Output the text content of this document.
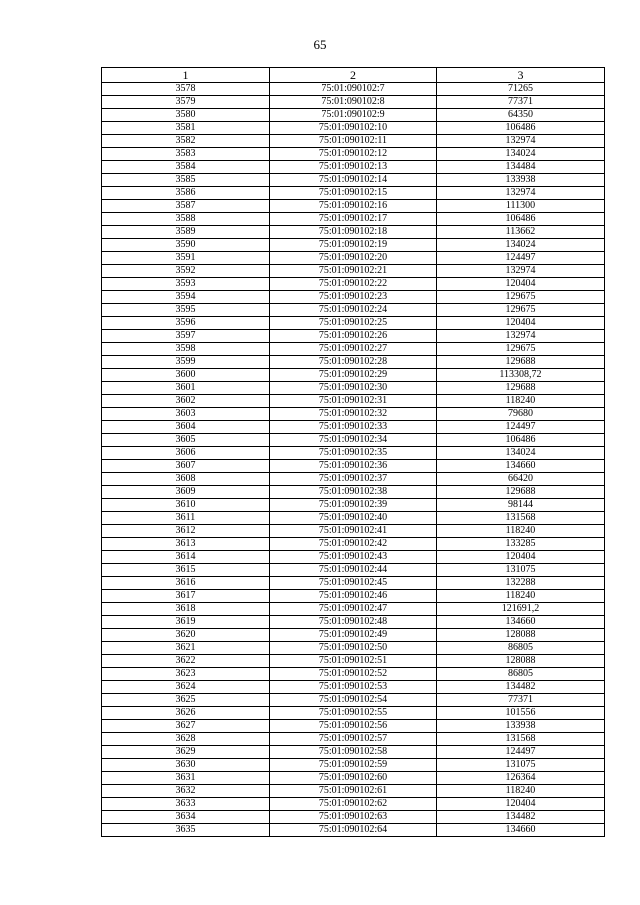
65
1	2	3
3578	75:01:090102:7	71265
3579	75:01:090102:8	77371
3580	75:01:090102:9	64350
3581	75:01:090102:10	106486
3582	75:01:090102:11	132974
3583	75:01:090102:12	134024
3584	75:01:090102:13	134484
3585	75:01:090102:14	133938
3586	75:01:090102:15	132974
3587	75:01:090102:16	111300
3588	75:01:090102:17	106486
3589	75:01:090102:18	113662
3590	75:01:090102:19	134024
3591	75:01:090102:20	124497
3592	75:01:090102:21	132974
3593	75:01:090102:22	120404
3594	75:01:090102:23	129675
3595	75:01:090102:24	129675
3596	75:01:090102:25	120404
3597	75:01:090102:26	132974
3598	75:01:090102:27	129675
3599	75:01:090102:28	129688
3600	75:01:090102:29	113308,72
3601	75:01:090102:30	129688
3602	75:01:090102:31	118240
3603	75:01:090102:32	79680
3604	75:01:090102:33	124497
3605	75:01:090102:34	106486
3606	75:01:090102:35	134024
3607	75:01:090102:36	134660
3608	75:01:090102:37	66420
3609	75:01:090102:38	129688
3610	75:01:090102:39	98144
3611	75:01:090102:40	131568
3612	75:01:090102:41	118240
3613	75:01:090102:42	133285
3614	75:01:090102:43	120404
3615	75:01:090102:44	131075
3616	75:01:090102:45	132288
3617	75:01:090102:46	118240
3618	75:01:090102:47	121691,2
3619	75:01:090102:48	134660
3620	75:01:090102:49	128088
3621	75:01:090102:50	86805
3622	75:01:090102:51	128088
3623	75:01:090102:52	86805
3624	75:01:090102:53	134482
3625	75:01:090102:54	77371
3626	75:01:090102:55	101556
3627	75:01:090102:56	133938
3628	75:01:090102:57	131568
3629	75:01:090102:58	124497
3630	75:01:090102:59	131075
3631	75:01:090102:60	126364
3632	75:01:090102:61	118240
3633	75:01:090102:62	120404
3634	75:01:090102:63	134482
3635	75:01:090102:64	134660
